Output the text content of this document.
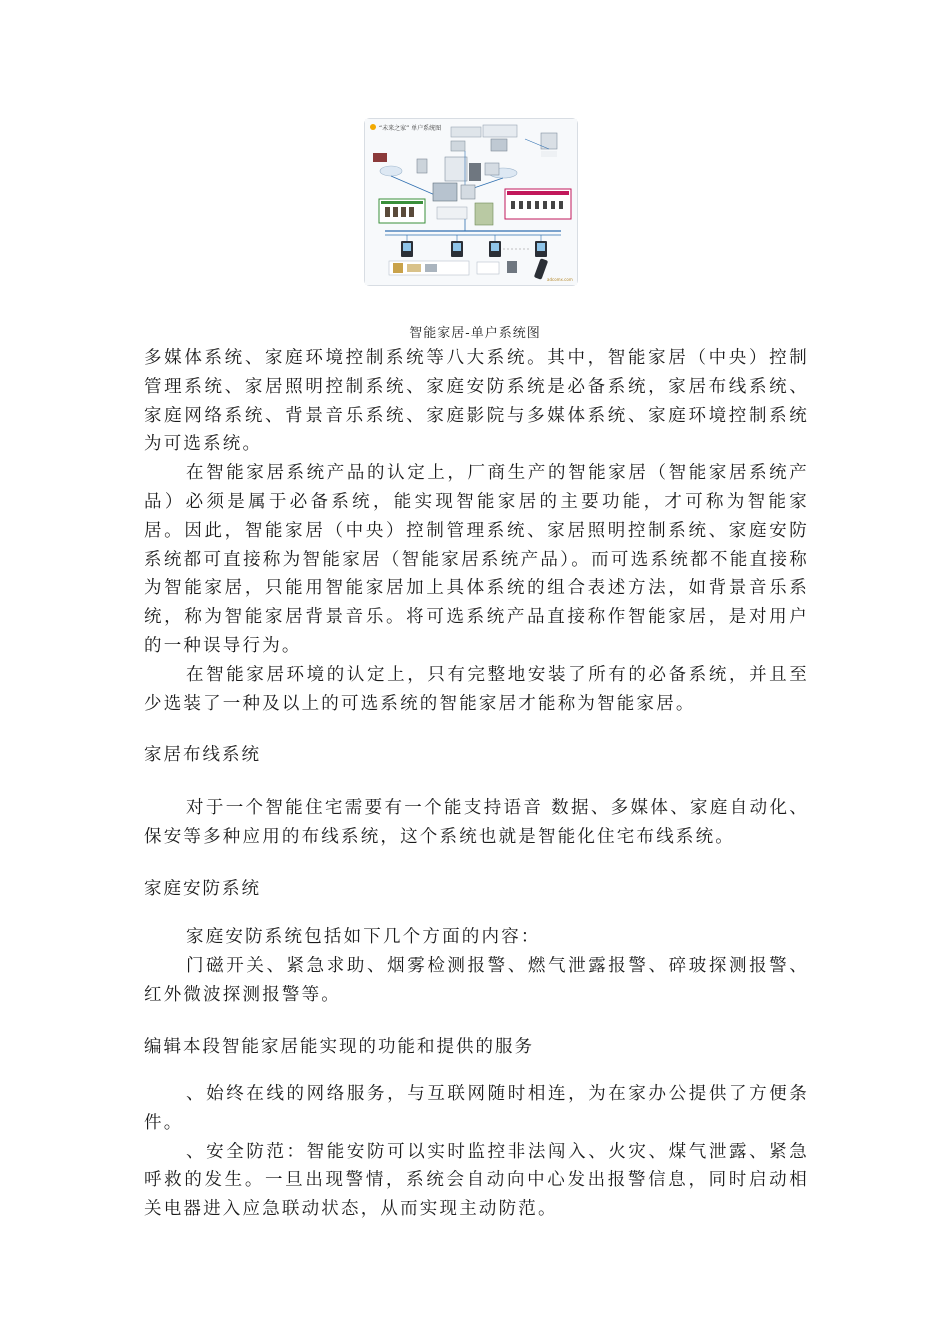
“未来之家” 单户系统图
adcomx.com
智能家居-单户系统图

多媒体系统、家庭环境控制系统等八大系统。其中，智能家居（中央）控制管理系统、家居照明控制系统、家庭安防系统是必备系统，家居布线系统、家庭网络系统、背景音乐系统、家庭影院与多媒体系统、家庭环境控制系统为可选系统。

在智能家居系统产品的认定上，厂商生产的智能家居（智能家居系统产品）必须是属于必备系统，能实现智能家居的主要功能，才可称为智能家居。因此，智能家居（中央）控制管理系统、家居照明控制系统、家庭安防系统都可直接称为智能家居（智能家居系统产品）。而可选系统都不能直接称为智能家居，只能用智能家居加上具体系统的组合表述方法，如背景音乐系统，称为智能家居背景音乐。将可选系统产品直接称作智能家居，是对用户的一种误导行为。

在智能家居环境的认定上，只有完整地安装了所有的必备系统，并且至少选装了一种及以上的可选系统的智能家居才能称为智能家居。

家居布线系统

对于一个智能住宅需要有一个能支持语音 数据、多媒体、家庭自动化、保安等多种应用的布线系统，这个系统也就是智能化住宅布线系统。

家庭安防系统

家庭安防系统包括如下几个方面的内容：

门磁开关、紧急求助、烟雾检测报警、燃气泄露报警、碎玻探测报警、红外微波探测报警等。

编辑本段智能家居能实现的功能和提供的服务

、始终在线的网络服务，与互联网随时相连，为在家办公提供了方便条件。

、安全防范：智能安防可以实时监控非法闯入、火灾、煤气泄露、紧急呼救的发生。一旦出现警情，系统会自动向中心发出报警信息，同时启动相关电器进入应急联动状态，从而实现主动防范。
